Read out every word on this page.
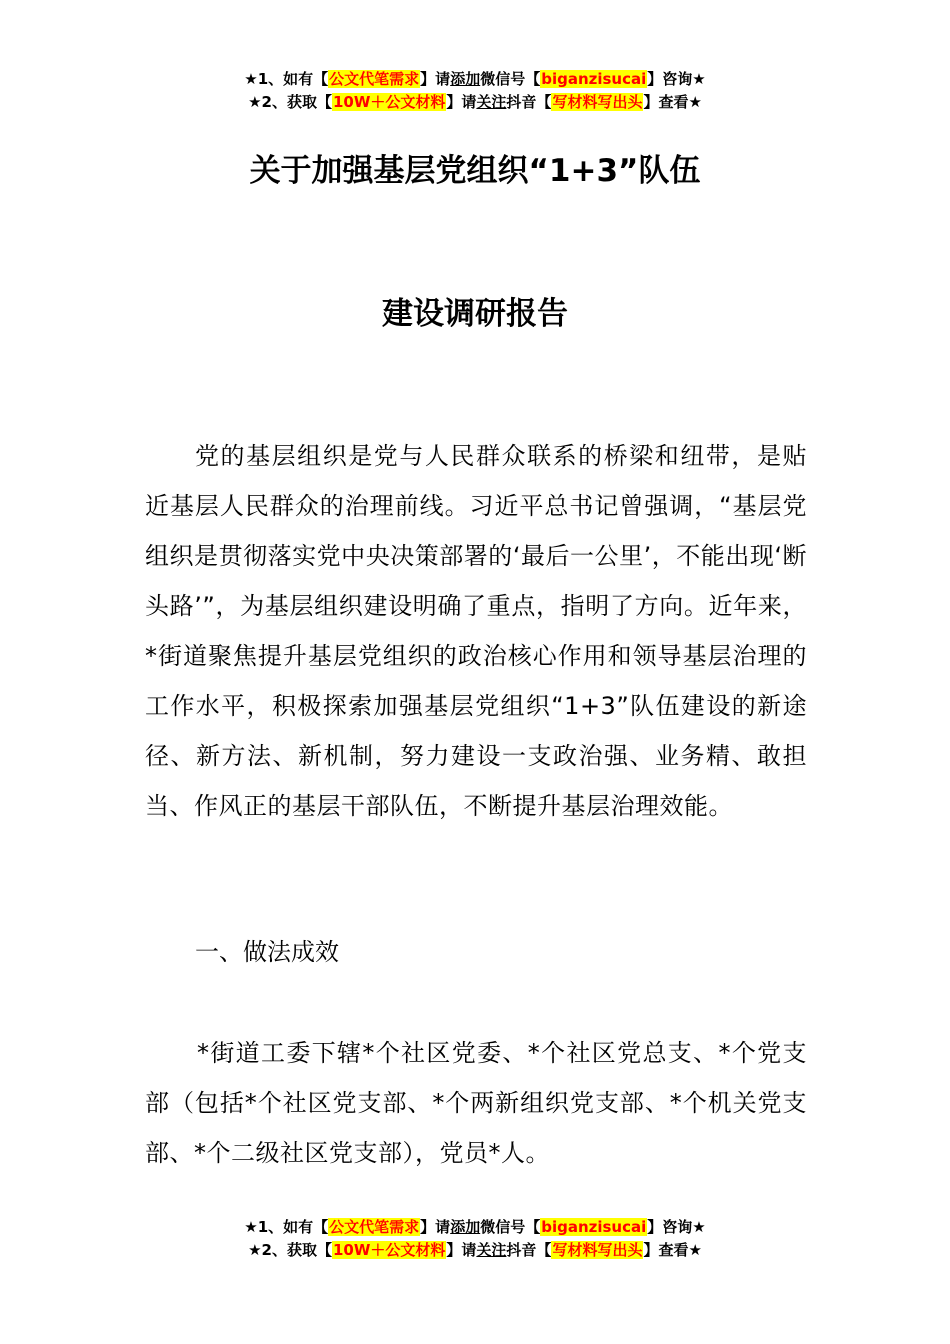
★1、如有【公文代笔需求】请添加微信号【biganzisucai】咨询★
★2、获取【10W＋公文材料】请关注抖音【写材料写出头】查看★
关于加强基层党组织“1+3”队伍
建设调研报告
党的基层组织是党与人民群众联系的桥梁和纽带，是贴近基层人民群众的治理前线。习近平总书记曾强调，“基层党组织是贯彻落实党中央决策部署的‘最后一公里’，不能出现‘断头路’”，为基层组织建设明确了重点，指明了方向。近年来，*街道聚焦提升基层党组织的政治核心作用和领导基层治理的工作水平，积极探索加强基层党组织“1+3”队伍建设的新途径、新方法、新机制，努力建设一支政治强、业务精、敢担当、作风正的基层干部队伍，不断提升基层治理效能。
一、做法成效
*街道工委下辖*个社区党委、*个社区党总支、*个党支部（包括*个社区党支部、*个两新组织党支部、*个机关党支部、*个二级社区党支部），党员*人。
★1、如有【公文代笔需求】请添加微信号【biganzisucai】咨询★
★2、获取【10W＋公文材料】请关注抖音【写材料写出头】查看★
